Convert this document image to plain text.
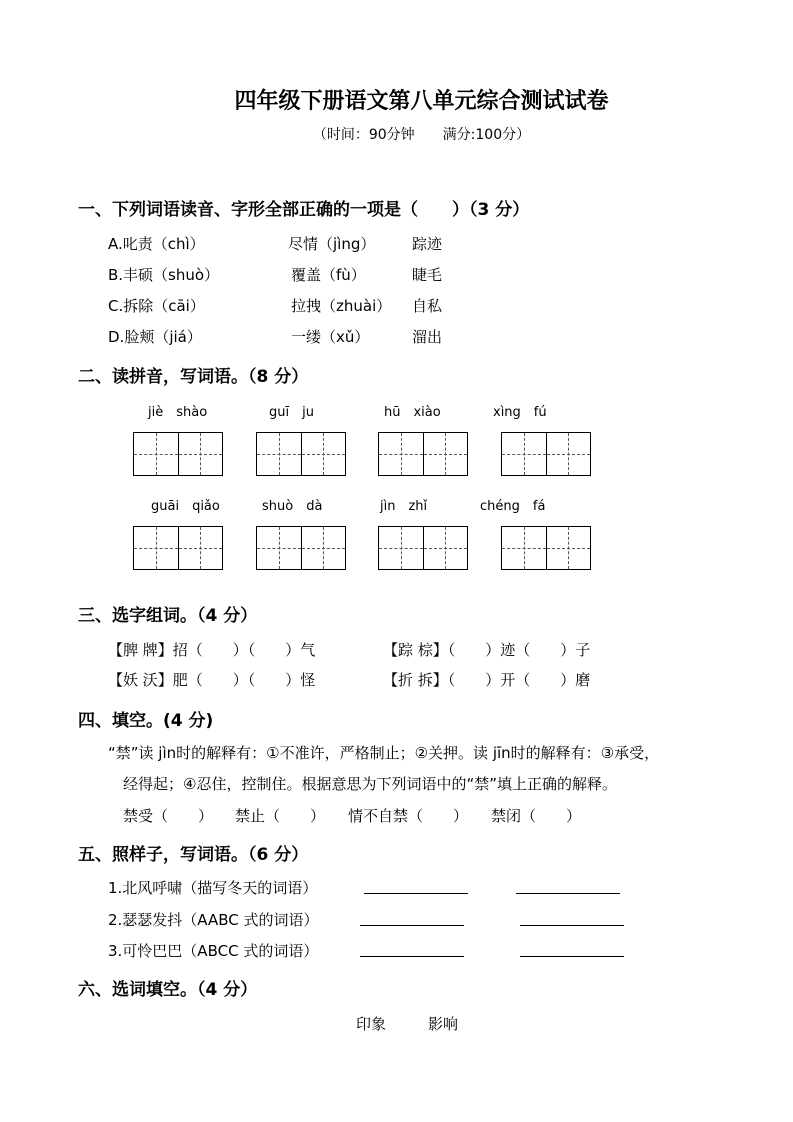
四年级下册语文第八单元综合测试试卷
（时间：90分钟　　满分:100分）
一、下列词语读音、字形全部正确的一项是（　　）（3 分）
A.叱责（chì）	尽情（jìng） 踪迹
B.丰硕（shuò）	覆盖（fù）	睫毛
C.拆除（cāi）	拉拽（zhuài） 自私
D.脸颊（jiá）	一缕（xǔ）	溜出
二、读拼音，写词语。（8 分）
jiè　shào	guī　ju	hū　xiào	xìng　fú
guāi　qiǎo	shuò　dà	jìn　zhǐ	chéng　fá
三、选字组词。（4 分）
【脾 牌】招（　　）（　　）气	【踪 棕】（　　）迹（　　）子
【妖 沃】肥（　　）（　　）怪	【折 拆】（　　）开（　　）磨
四、填空。(4 分)
“禁”读 jìn时的解释有：①不准许，严格制止；②关押。读 jīn时的解释有：③承受，
经得起；④忍住，控制住。根据意思为下列词语中的“禁”填上正确的解释。
禁受（　　） 禁止（　　） 情不自禁（　　） 禁闭（　　）
五、照样子，写词语。（6 分）
1.北风呼啸（描写冬天的词语）
2.瑟瑟发抖（AABC 式的词语）
3.可怜巴巴（ABCC 式的词语）
六、选词填空。（4 分）
印象	影响
